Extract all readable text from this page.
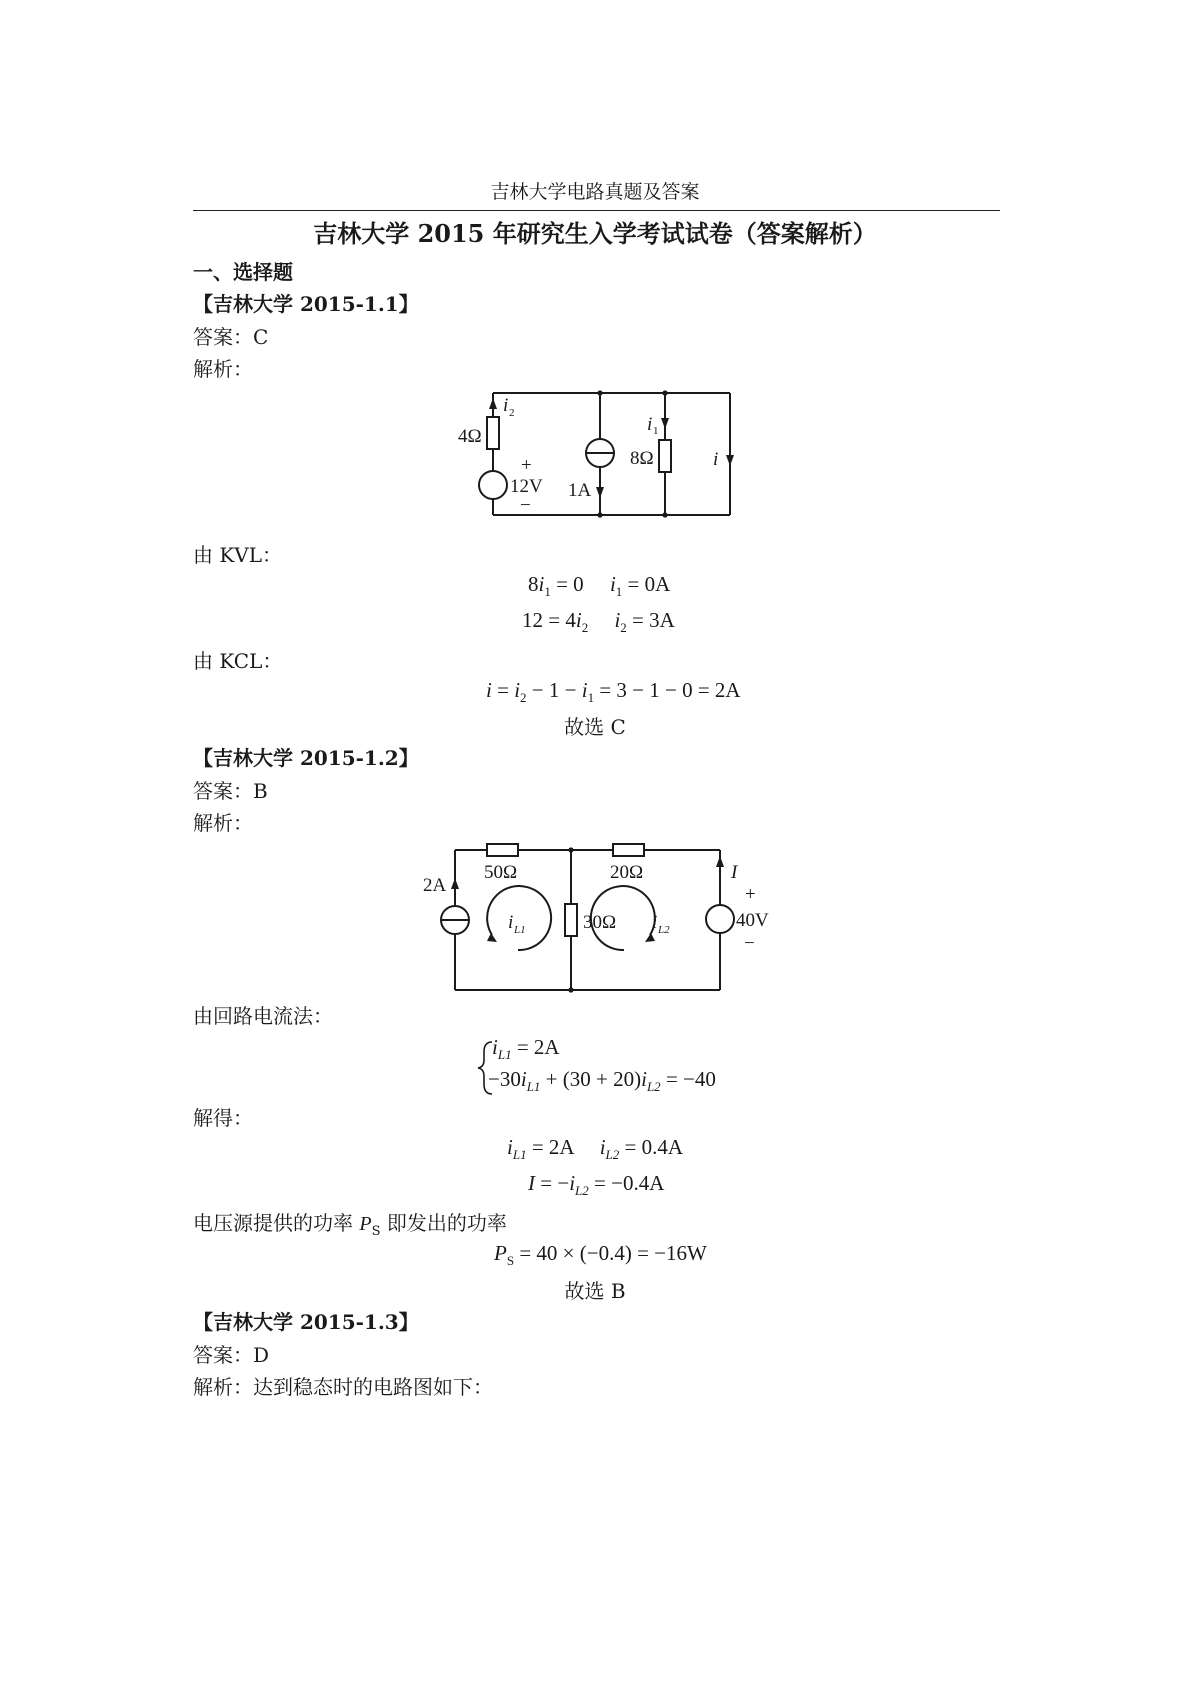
吉林大学电路真题及答案
吉林大学 2015 年研究生入学考试试卷（答案解析）
一、选择题
【吉林大学 2015-1.1】
答案：C
解析：
4Ω
i 2
+
12V
−
1A
i 1
8Ω	i
由 KVL：
$8i_1 = 0$     $i_1 = 0A$
$12 = 4i_2$ $i_2 = 3A$
由 KCL：
$i = i_2 - 1 - i_1 = 3 - 1 - 0 = 2A$
故选 C
【吉林大学 2015-1.2】
答案：B
解析：
2A
50Ω	20Ω
30Ω
i L1	i L2
I
+
40V
−
由回路电流法：
$i_{L1} = 2A$
$-30i_{L1} + (30 + 20)i_{L2} = -40$
解得：
$i_{L1} = 2A$     $i_{L2} = 0.4A$
$I = -i_{L2} = -0.4A$
电压源提供的功率 $P_S$ 即发出的功率
$P_S = 40 \times (-0.4) = -16W$
故选 B
【吉林大学 2015-1.3】
答案：D
解析：达到稳态时的电路图如下：
